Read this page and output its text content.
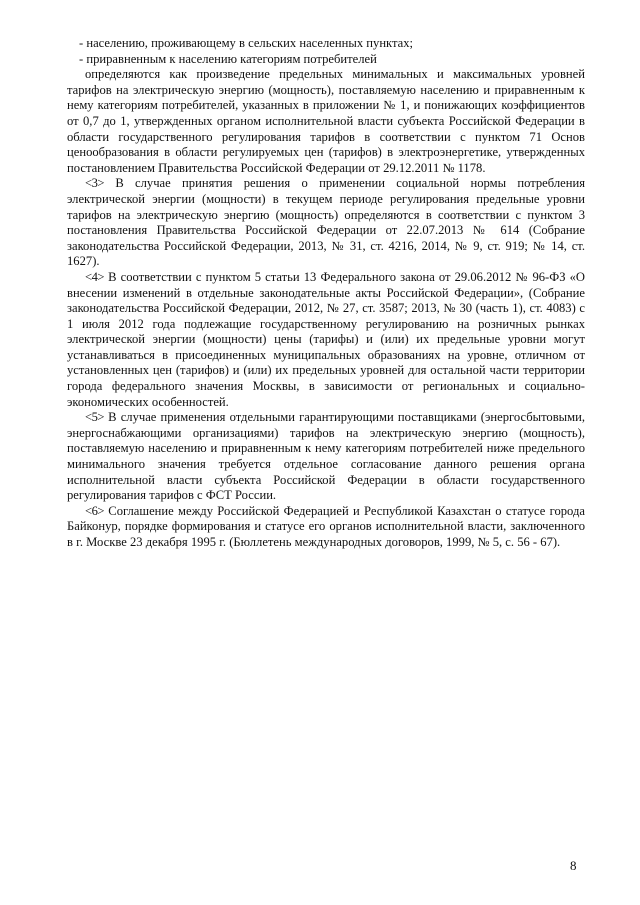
- населению, проживающему в сельских населенных пунктах;

- приравненным к населению категориям потребителей

определяются как произведение предельных минимальных и максимальных уровней тарифов на электрическую энергию (мощность), поставляемую населению и приравненным к нему категориям потребителей, указанных в приложении № 1, и понижающих коэффициентов от 0,7 до 1, утвержденных органом исполнительной власти субъекта Российской Федерации в области государственного регулирования тарифов в соответствии с пунктом 71 Основ ценообразования в области регулируемых цен (тарифов) в электроэнергетике, утвержденных постановлением Правительства Российской Федерации от 29.12.2011 № 1178.

<3> В случае принятия решения о применении социальной нормы потребления электрической энергии (мощности) в текущем периоде регулирования предельные уровни тарифов на электрическую энергию (мощность) определяются в соответствии с пунктом 3 постановления Правительства Российской Федерации от 22.07.2013 № 614 (Собрание законодательства Российской Федерации, 2013, № 31, ст. 4216, 2014, № 9, ст. 919; № 14, ст. 1627).

<4> В соответствии с пунктом 5 статьи 13 Федерального закона от 29.06.2012 № 96-ФЗ «О внесении изменений в отдельные законодательные акты Российской Федерации», (Собрание законодательства Российской Федерации, 2012, № 27, ст. 3587; 2013, № 30 (часть 1), ст. 4083) с 1 июля 2012 года подлежащие государственному регулированию на розничных рынках электрической энергии (мощности) цены (тарифы) и (или) их предельные уровни могут устанавливаться в присоединенных муниципальных образованиях на уровне, отличном от установленных цен (тарифов) и (или) их предельных уровней для остальной части территории города федерального значения Москвы, в зависимости от региональных и социально-экономических особенностей.

<5> В случае применения отдельными гарантирующими поставщиками (энергосбытовыми, энергоснабжающими организациями) тарифов на электрическую энергию (мощность), поставляемую населению и приравненным к нему категориям потребителей ниже предельного минимального значения требуется отдельное согласование данного решения органа исполнительной власти субъекта Российской Федерации в области государственного регулирования тарифов с ФСТ России.

<6> Соглашение между Российской Федерацией и Республикой Казахстан о статусе города Байконур, порядке формирования и статусе его органов исполнительной власти, заключенного в г. Москве 23 декабря 1995 г. (Бюллетень международных договоров, 1999, № 5, с. 56 - 67).

8
